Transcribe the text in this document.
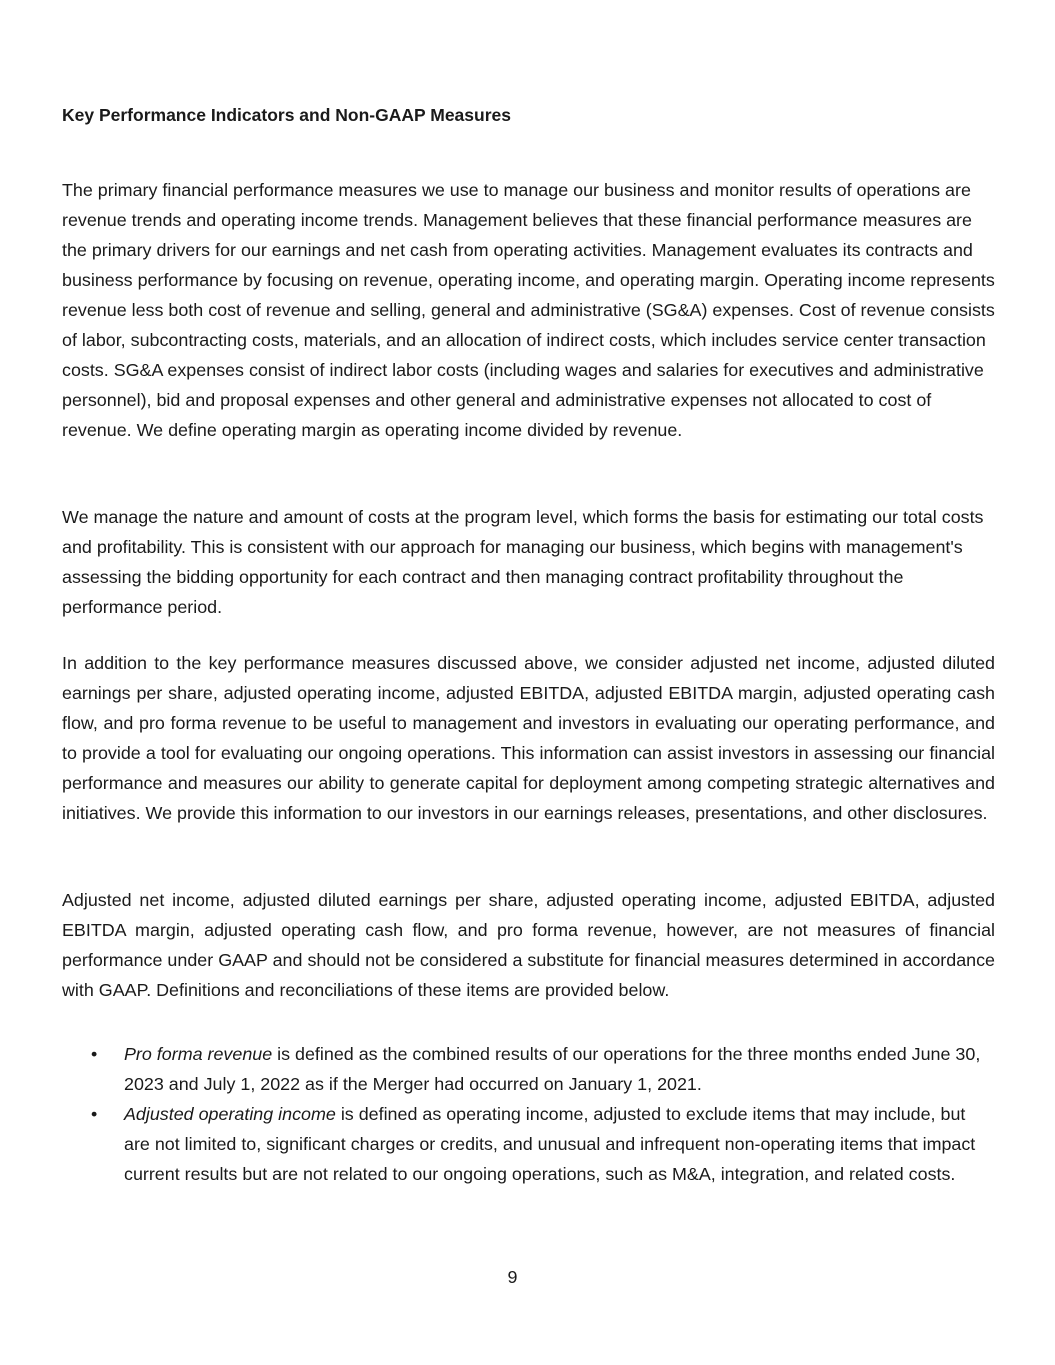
Key Performance Indicators and Non-GAAP Measures

The primary financial performance measures we use to manage our business and monitor results of operations are revenue trends and operating income trends. Management believes that these financial performance measures are the primary drivers for our earnings and net cash from operating activities. Management evaluates its contracts and business performance by focusing on revenue, operating income, and operating margin. Operating income represents revenue less both cost of revenue and selling, general and administrative (SG&A) expenses. Cost of revenue consists of labor, subcontracting costs, materials, and an allocation of indirect costs, which includes service center transaction costs. SG&A expenses consist of indirect labor costs (including wages and salaries for executives and administrative personnel), bid and proposal expenses and other general and administrative expenses not allocated to cost of revenue. We define operating margin as operating income divided by revenue.

We manage the nature and amount of costs at the program level, which forms the basis for estimating our total costs and profitability. This is consistent with our approach for managing our business, which begins with management's assessing the bidding opportunity for each contract and then managing contract profitability throughout the performance period.

In addition to the key performance measures discussed above, we consider adjusted net income, adjusted diluted earnings per share, adjusted operating income, adjusted EBITDA, adjusted EBITDA margin, adjusted operating cash flow, and pro forma revenue to be useful to management and investors in evaluating our operating performance, and to provide a tool for evaluating our ongoing operations. This information can assist investors in assessing our financial performance and measures our ability to generate capital for deployment among competing strategic alternatives and initiatives. We provide this information to our investors in our earnings releases, presentations, and other disclosures.

Adjusted net income, adjusted diluted earnings per share, adjusted operating income, adjusted EBITDA, adjusted EBITDA margin, adjusted operating cash flow, and pro forma revenue, however, are not measures of financial performance under GAAP and should not be considered a substitute for financial measures determined in accordance with GAAP. Definitions and reconciliations of these items are provided below.

• Pro forma revenue is defined as the combined results of our operations for the three months ended June 30, 2023 and July 1, 2022 as if the Merger had occurred on January 1, 2021.
• Adjusted operating income is defined as operating income, adjusted to exclude items that may include, but are not limited to, significant charges or credits, and unusual and infrequent non-operating items that impact current results but are not related to our ongoing operations, such as M&A, integration, and related costs.
9
